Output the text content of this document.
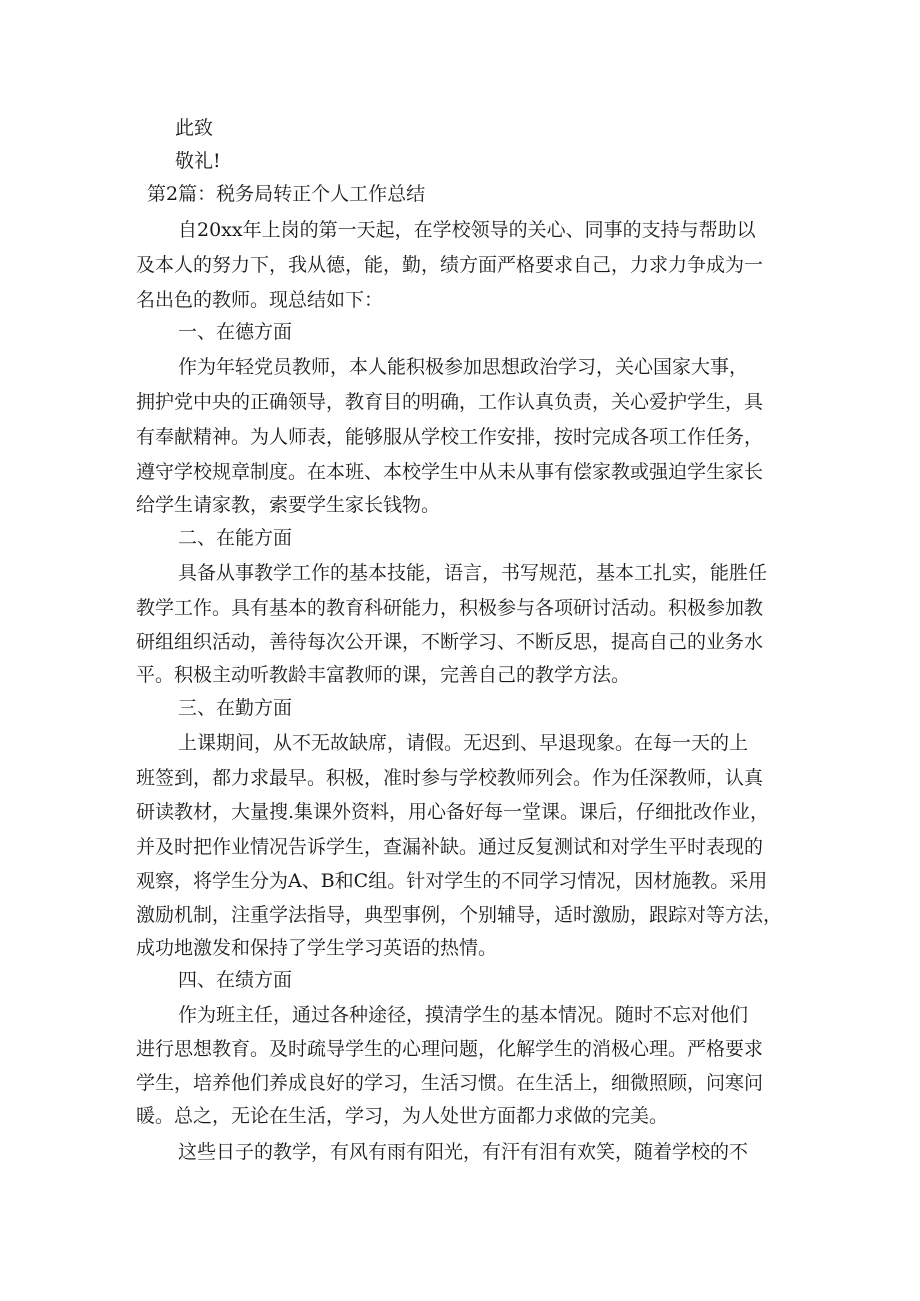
此致

敬礼!

第2篇：税务局转正个人工作总结

自20xx年上岗的第一天起，在学校领导的关心、同事的支持与帮助以

及本人的努力下，我从德，能，勤，绩方面严格要求自己，力求力争成为一

名出色的教师。现总结如下：

一、在德方面

作为年轻党员教师，本人能积极参加思想政治学习，关心国家大事，

拥护党中央的正确领导，教育目的明确，工作认真负责，关心爱护学生，具

有奉献精神。为人师表，能够服从学校工作安排，按时完成各项工作任务，

遵守学校规章制度。在本班、本校学生中从未从事有偿家教或强迫学生家长

给学生请家教，索要学生家长钱物。

二、在能方面

具备从事教学工作的基本技能，语言，书写规范，基本工扎实，能胜任

教学工作。具有基本的教育科研能力，积极参与各项研讨活动。积极参加教

研组组织活动，善待每次公开课，不断学习、不断反思，提高自己的业务水

平。积极主动听教龄丰富教师的课，完善自己的教学方法。

三、在勤方面

上课期间，从不无故缺席，请假。无迟到、早退现象。在每一天的上

班签到，都力求最早。积极，准时参与学校教师列会。作为任深教师，认真

研读教材，大量搜.集课外资料，用心备好每一堂课。课后，仔细批改作业，

并及时把作业情况告诉学生，查漏补缺。通过反复测试和对学生平时表现的

观察，将学生分为A、B和C组。针对学生的不同学习情况，因材施教。采用

激励机制，注重学法指导，典型事例，个别辅导，适时激励，跟踪对等方法，

成功地激发和保持了学生学习英语的热情。

四、在绩方面

作为班主任，通过各种途径，摸清学生的基本情况。随时不忘对他们

进行思想教育。及时疏导学生的心理问题，化解学生的消极心理。严格要求

学生，培养他们养成良好的学习，生活习惯。在生活上，细微照顾，问寒问

暖。总之，无论在生活，学习，为人处世方面都力求做的完美。

这些日子的教学，有风有雨有阳光，有汗有泪有欢笑，随着学校的不
